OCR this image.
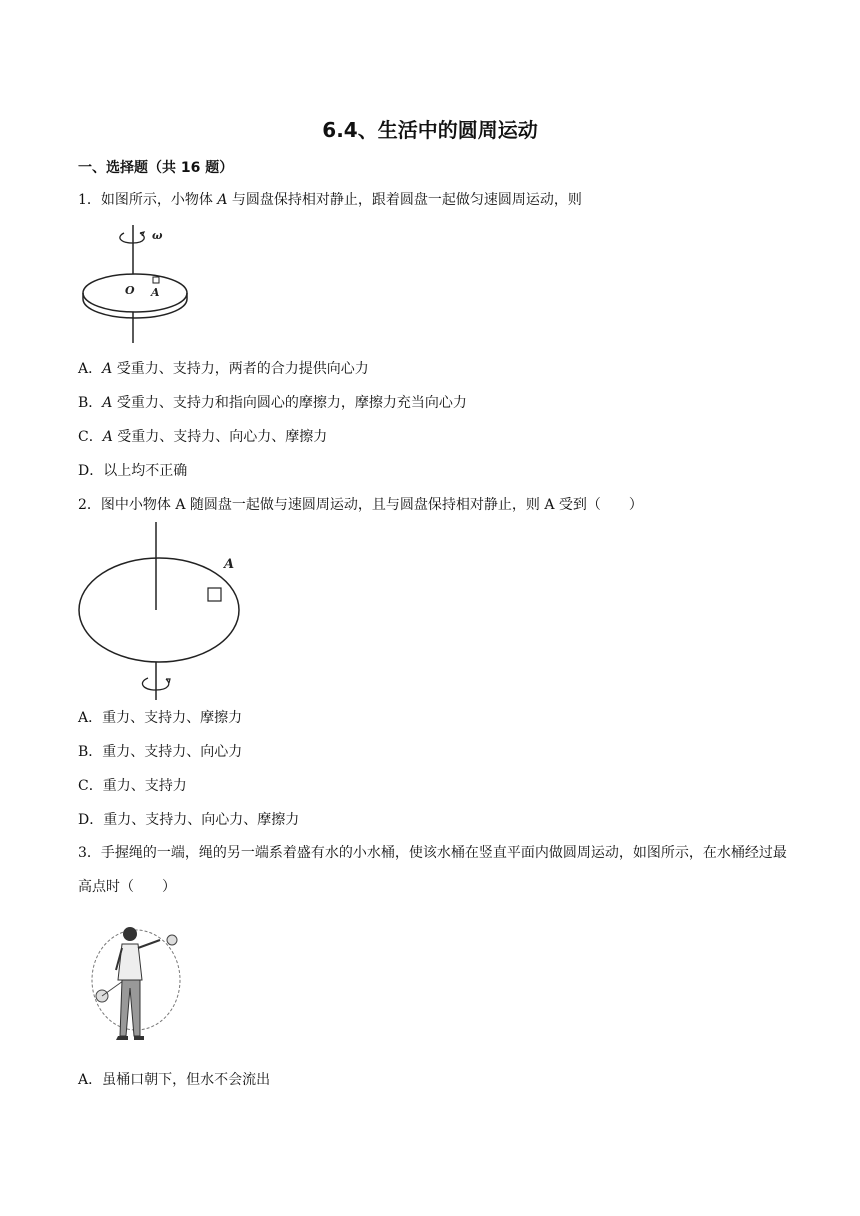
6.4、生活中的圆周运动
一、选择题（共 16 题）
1．如图所示，小物体 A 与圆盘保持相对静止，跟着圆盘一起做匀速圆周运动，则
ω
O A
A．A 受重力、支持力，两者的合力提供向心力
B．A 受重力、支持力和指向圆心的摩擦力，摩擦力充当向心力
C．A 受重力、支持力、向心力、摩擦力
D．以上均不正确
2．图中小物体 A 随圆盘一起做与速圆周运动，且与圆盘保持相对静止，则 A 受到（　　）
A
A．重力、支持力、摩擦力
B．重力、支持力、向心力
C．重力、支持力
D．重力、支持力、向心力、摩擦力
3．手握绳的一端，绳的另一端系着盛有水的小水桶，使该水桶在竖直平面内做圆周运动，如图所示，在水桶经过最高点时（　　）
A．虽桶口朝下，但水不会流出
